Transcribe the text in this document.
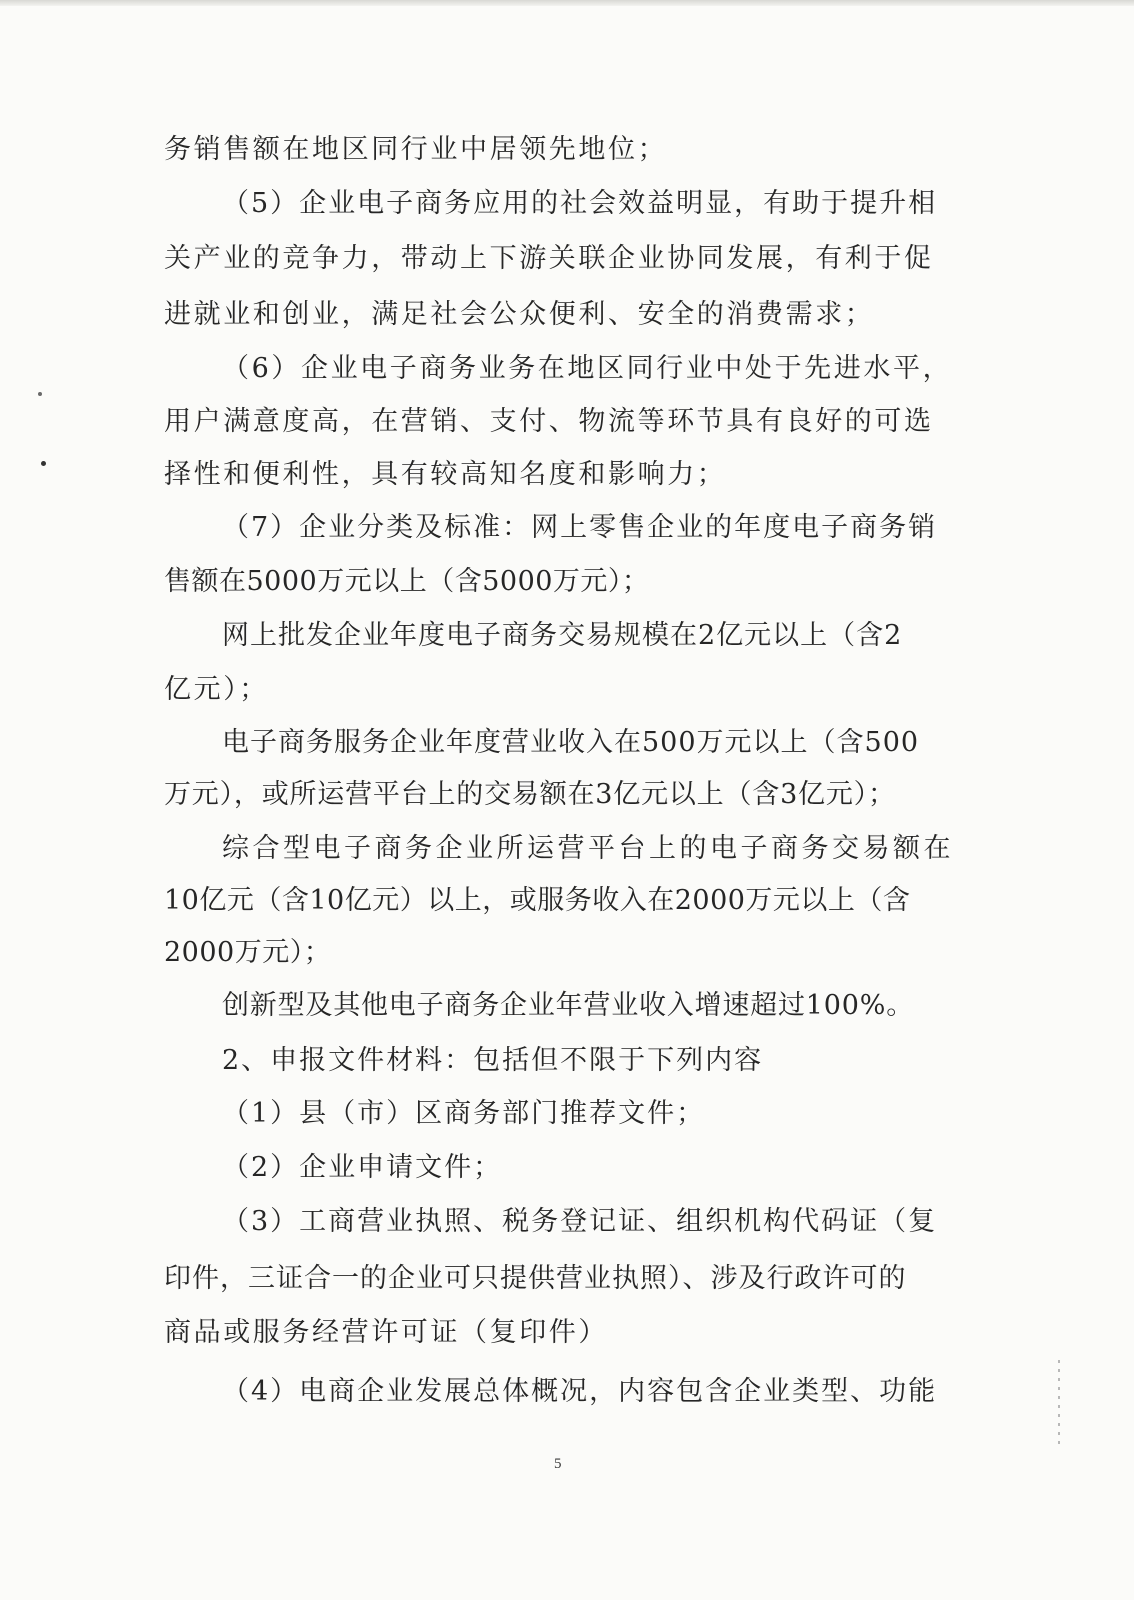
务销售额在地区同行业中居领先地位；

（5）企业电子商务应用的社会效益明显，有助于提升相

关产业的竞争力，带动上下游关联企业协同发展，有利于促

进就业和创业，满足社会公众便利、安全的消费需求；

（6）企业电子商务业务在地区同行业中处于先进水平，

用户满意度高，在营销、支付、物流等环节具有良好的可选

择性和便利性，具有较高知名度和影响力；

（7）企业分类及标准：网上零售企业的年度电子商务销

售额在5000万元以上（含5000万元）；

网上批发企业年度电子商务交易规模在2亿元以上（含2

亿元）；

电子商务服务企业年度营业收入在500万元以上（含500

万元），或所运营平台上的交易额在3亿元以上（含3亿元）；

综合型电子商务企业所运营平台上的电子商务交易额在

10亿元（含10亿元）以上，或服务收入在2000万元以上（含

2000万元）；

创新型及其他电子商务企业年营业收入增速超过100%。

2、申报文件材料：包括但不限于下列内容

（1）县（市）区商务部门推荐文件；

（2）企业申请文件；

（3）工商营业执照、税务登记证、组织机构代码证（复

印件，三证合一的企业可只提供营业执照）、涉及行政许可的

商品或服务经营许可证（复印件）

（4）电商企业发展总体概况，内容包含企业类型、功能

5
